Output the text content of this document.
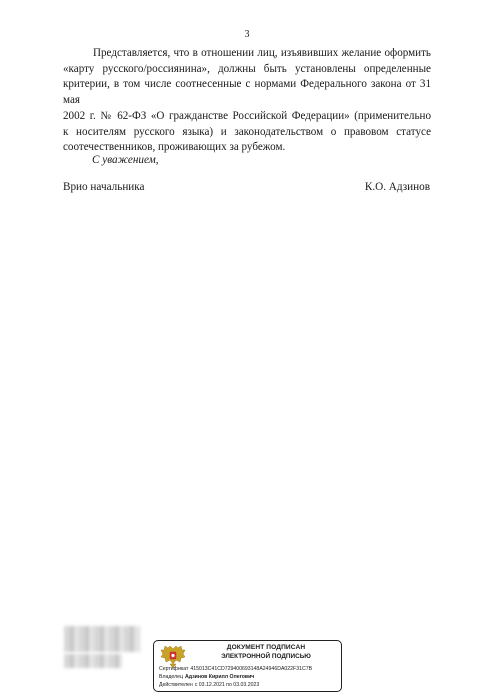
3

Представляется, что в отношении лиц, изъявивших желание оформить
«карту русского/россиянина», должны быть установлены определенные
критерии, в том числе соотнесенные с нормами Федерального закона от 31 мая
2002 г. № 62-ФЗ «О гражданстве Российской Федерации» (применительно
к носителям русского языка) и законодательством о правовом статусе
соотечественников, проживающих за рубежом.

С уважением,
Врио начальника	К.О. Адзинов
ДОКУМЕНТ ПОДПИСАН
ЭЛЕКТРОННОЙ ПОДПИСЬЮ
Сертификат 415013C41CD729400693148A24946DA022F31C7B
Владелец Адзинов Кирилл Олегович
Действителен с 03.12.2021 по 03.03.2023
